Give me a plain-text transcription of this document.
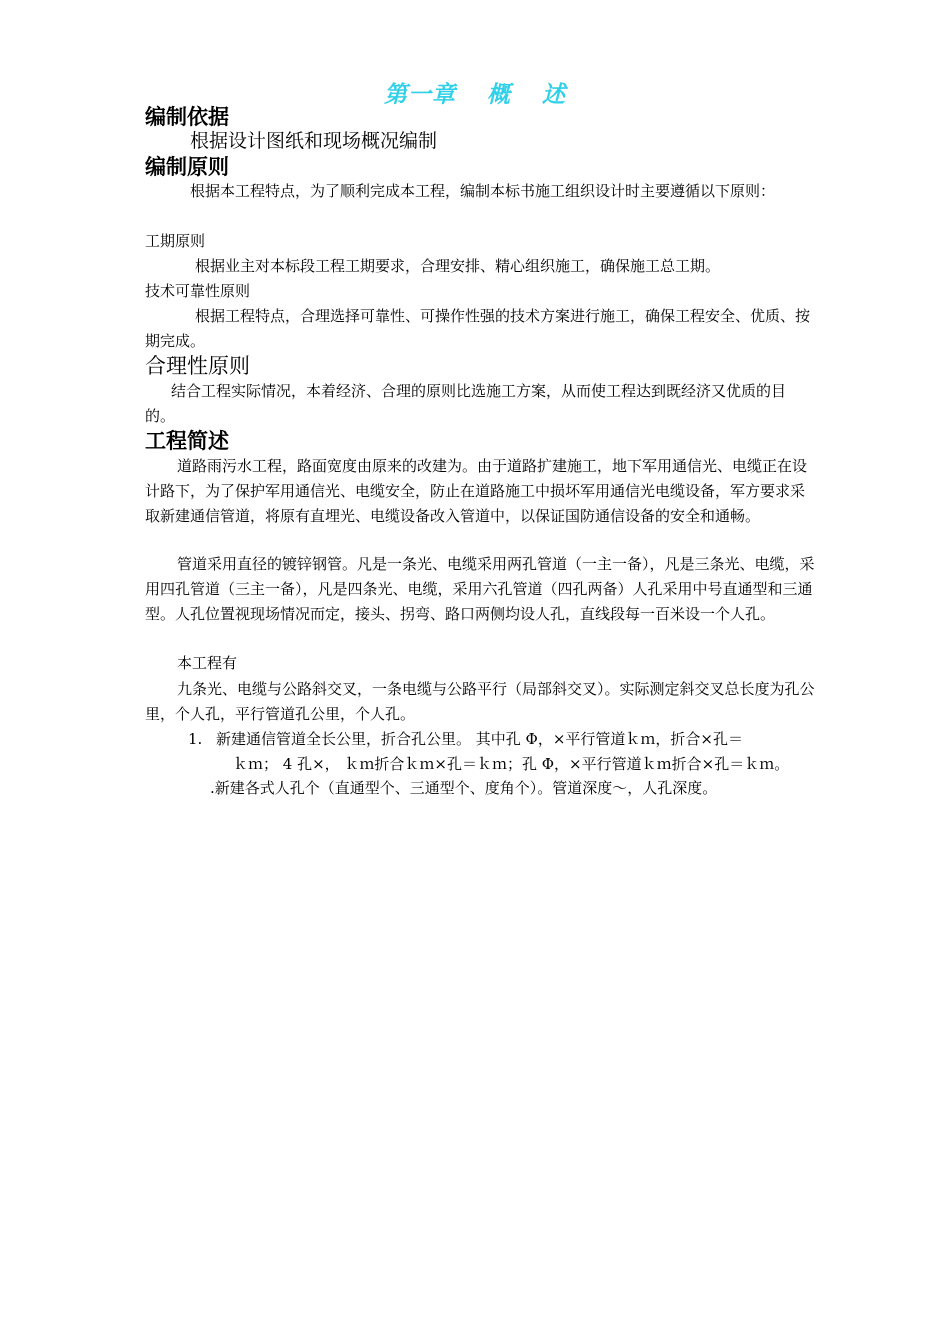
第一章 概 述
编制依据
根据设计图纸和现场概况编制
编制原则
根据本工程特点，为了顺利完成本工程，编制本标书施工组织设计时主要遵循以下原则：
工期原则
根据业主对本标段工程工期要求，合理安排、精心组织施工，确保施工总工期。
技术可靠性原则
根据工程特点，合理选择可靠性、可操作性强的技术方案进行施工，确保工程安全、优质、按期完成。
合理性原则
结合工程实际情况，本着经济、合理的原则比选施工方案，从而使工程达到既经济又优质的目的。
工程简述
道路雨污水工程，路面宽度由原来的改建为。由于道路扩建施工，地下军用通信光、电缆正在设计路下，为了保护军用通信光、电缆安全，防止在道路施工中损坏军用通信光电缆设备，军方要求采取新建通信管道，将原有直埋光、电缆设备改入管道中，以保证国防通信设备的安全和通畅。
管道采用直径的镀锌钢管。凡是一条光、电缆采用两孔管道（一主一备），凡是三条光、电缆，采用四孔管道（三主一备），凡是四条光、电缆，采用六孔管道（四孔两备）人孔采用中号直通型和三通型。人孔位置视现场情况而定，接头、拐弯、路口两侧均设人孔，直线段每一百米设一个人孔。
本工程有
九条光、电缆与公路斜交叉，一条电缆与公路平行（局部斜交叉）。实际测定斜交叉总长度为孔公里，个人孔，平行管道孔公里，个人孔。
1. 新建通信管道全长公里，折合孔公里。 其中孔 Φ，×平行管道ｋｍ，折合×孔＝
ｋｍ； 4 孔×， ｋｍ折合ｋｍ×孔＝ｋｍ；孔 Φ，×平行管道ｋｍ折合×孔＝ｋｍ。
.新建各式人孔个（直通型个、三通型个、度角个）。管道深度～，人孔深度。
